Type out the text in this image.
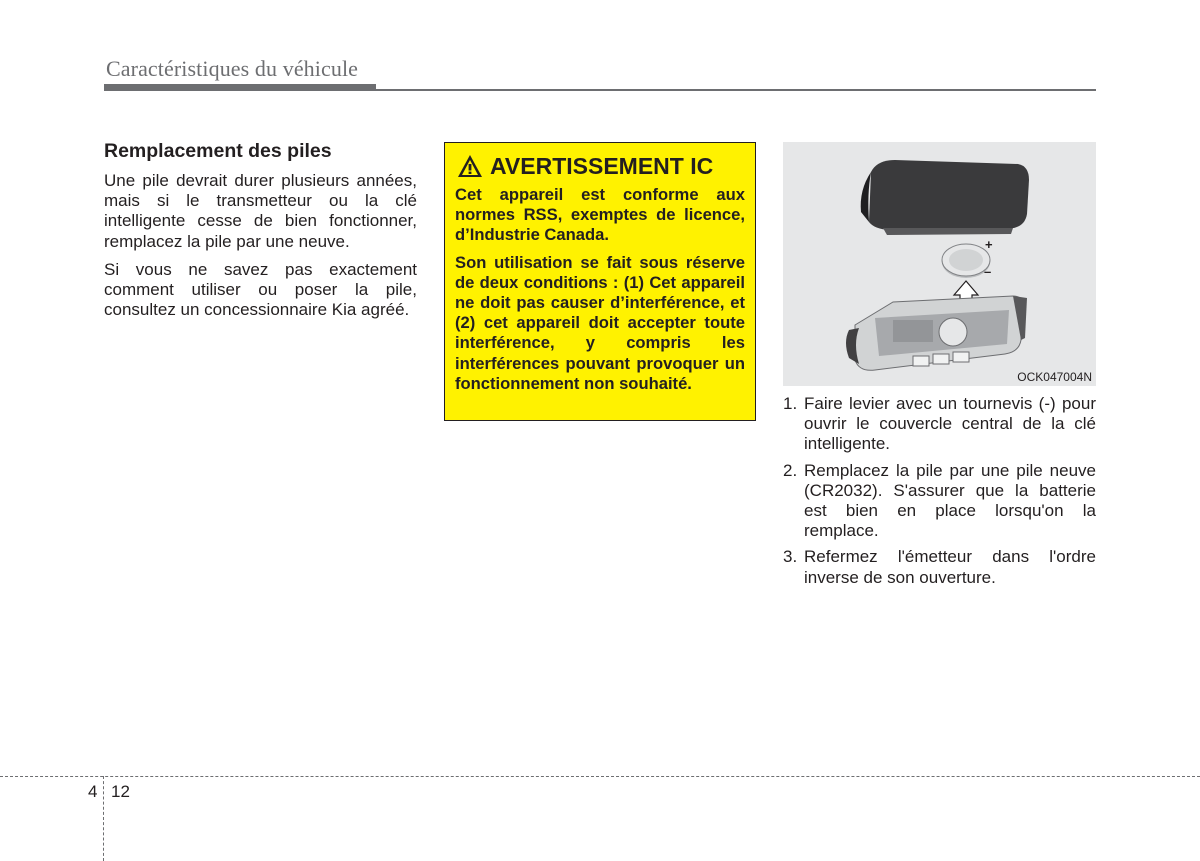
Caractéristiques du véhicule
Remplacement des piles

Une pile devrait durer plusieurs années, mais si le transmetteur ou la clé intelligente cesse de bien fonctionner, remplacez la pile par une neuve.

Si vous ne savez pas exactement comment utiliser ou poser la pile, consultez un concessionnaire Kia agréé.

AVERTISSEMENT IC

Cet appareil est conforme aux normes RSS, exemptes de licence, d’Industrie Canada.

Son utilisation se fait sous réserve de deux conditions : (1) Cet appareil ne doit pas causer d’interférence, et (2) cet appareil doit accepter toute interférence, y compris les interférences pouvant provoquer un fonctionnement non souhaité.

+
–
OCK047004N
1. Faire levier avec un tournevis (-) pour ouvrir le couvercle central de la clé intelligente.
2. Remplacez la pile par une pile neuve (CR2032). S'assurer que la batterie est bien en place lorsqu'on la remplace.
3. Refermez l'émetteur dans l'ordre inverse de son ouverture.
4 12
